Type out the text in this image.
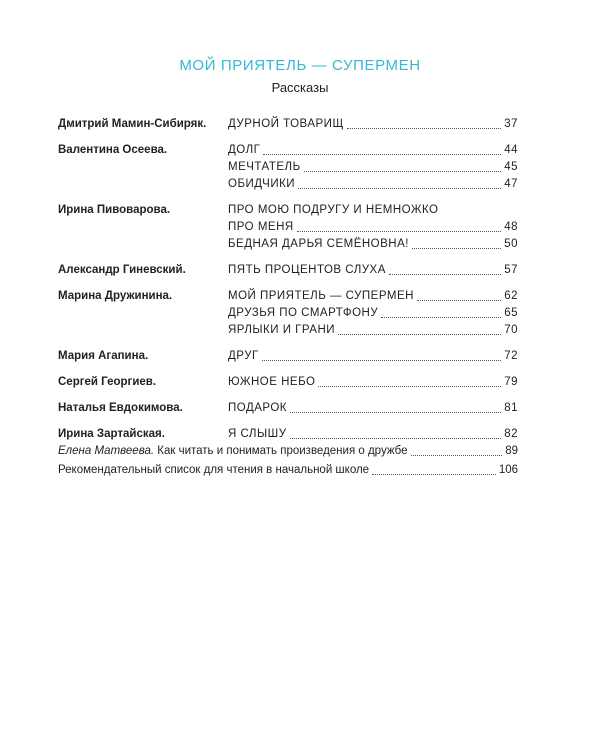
МОЙ ПРИЯТЕЛЬ — СУПЕРМЕН
Рассказы
Дмитрий Мамин-Сибиряк.	ДУРНОЙ ТОВАРИЩ	37
Валентина Осеева.	ДОЛГ	44
МЕЧТАТЕЛЬ	45
ОБИДЧИКИ	47
Ирина Пивоварова.	ПРО МОЮ ПОДРУГУ И НЕМНОЖКО
ПРО МЕНЯ	48
БЕДНАЯ ДАРЬЯ СЕМЁНОВНА!	50
Александр Гиневский.	ПЯТЬ ПРОЦЕНТОВ СЛУХА	57
Марина Дружинина.	МОЙ ПРИЯТЕЛЬ — СУПЕРМЕН	62
ДРУЗЬЯ ПО СМАРТФОНУ	65
ЯРЛЫКИ И ГРАНИ	70
Мария Агапина.	ДРУГ	72
Сергей Георгиев.	ЮЖНОЕ НЕБО	79
Наталья Евдокимова.	ПОДАРОК	81
Ирина Зартайская.	Я СЛЫШУ	82
Елена Матвеева. Как читать и понимать произведения о дружбе	89
Рекомендательный список для чтения в начальной школе	106
